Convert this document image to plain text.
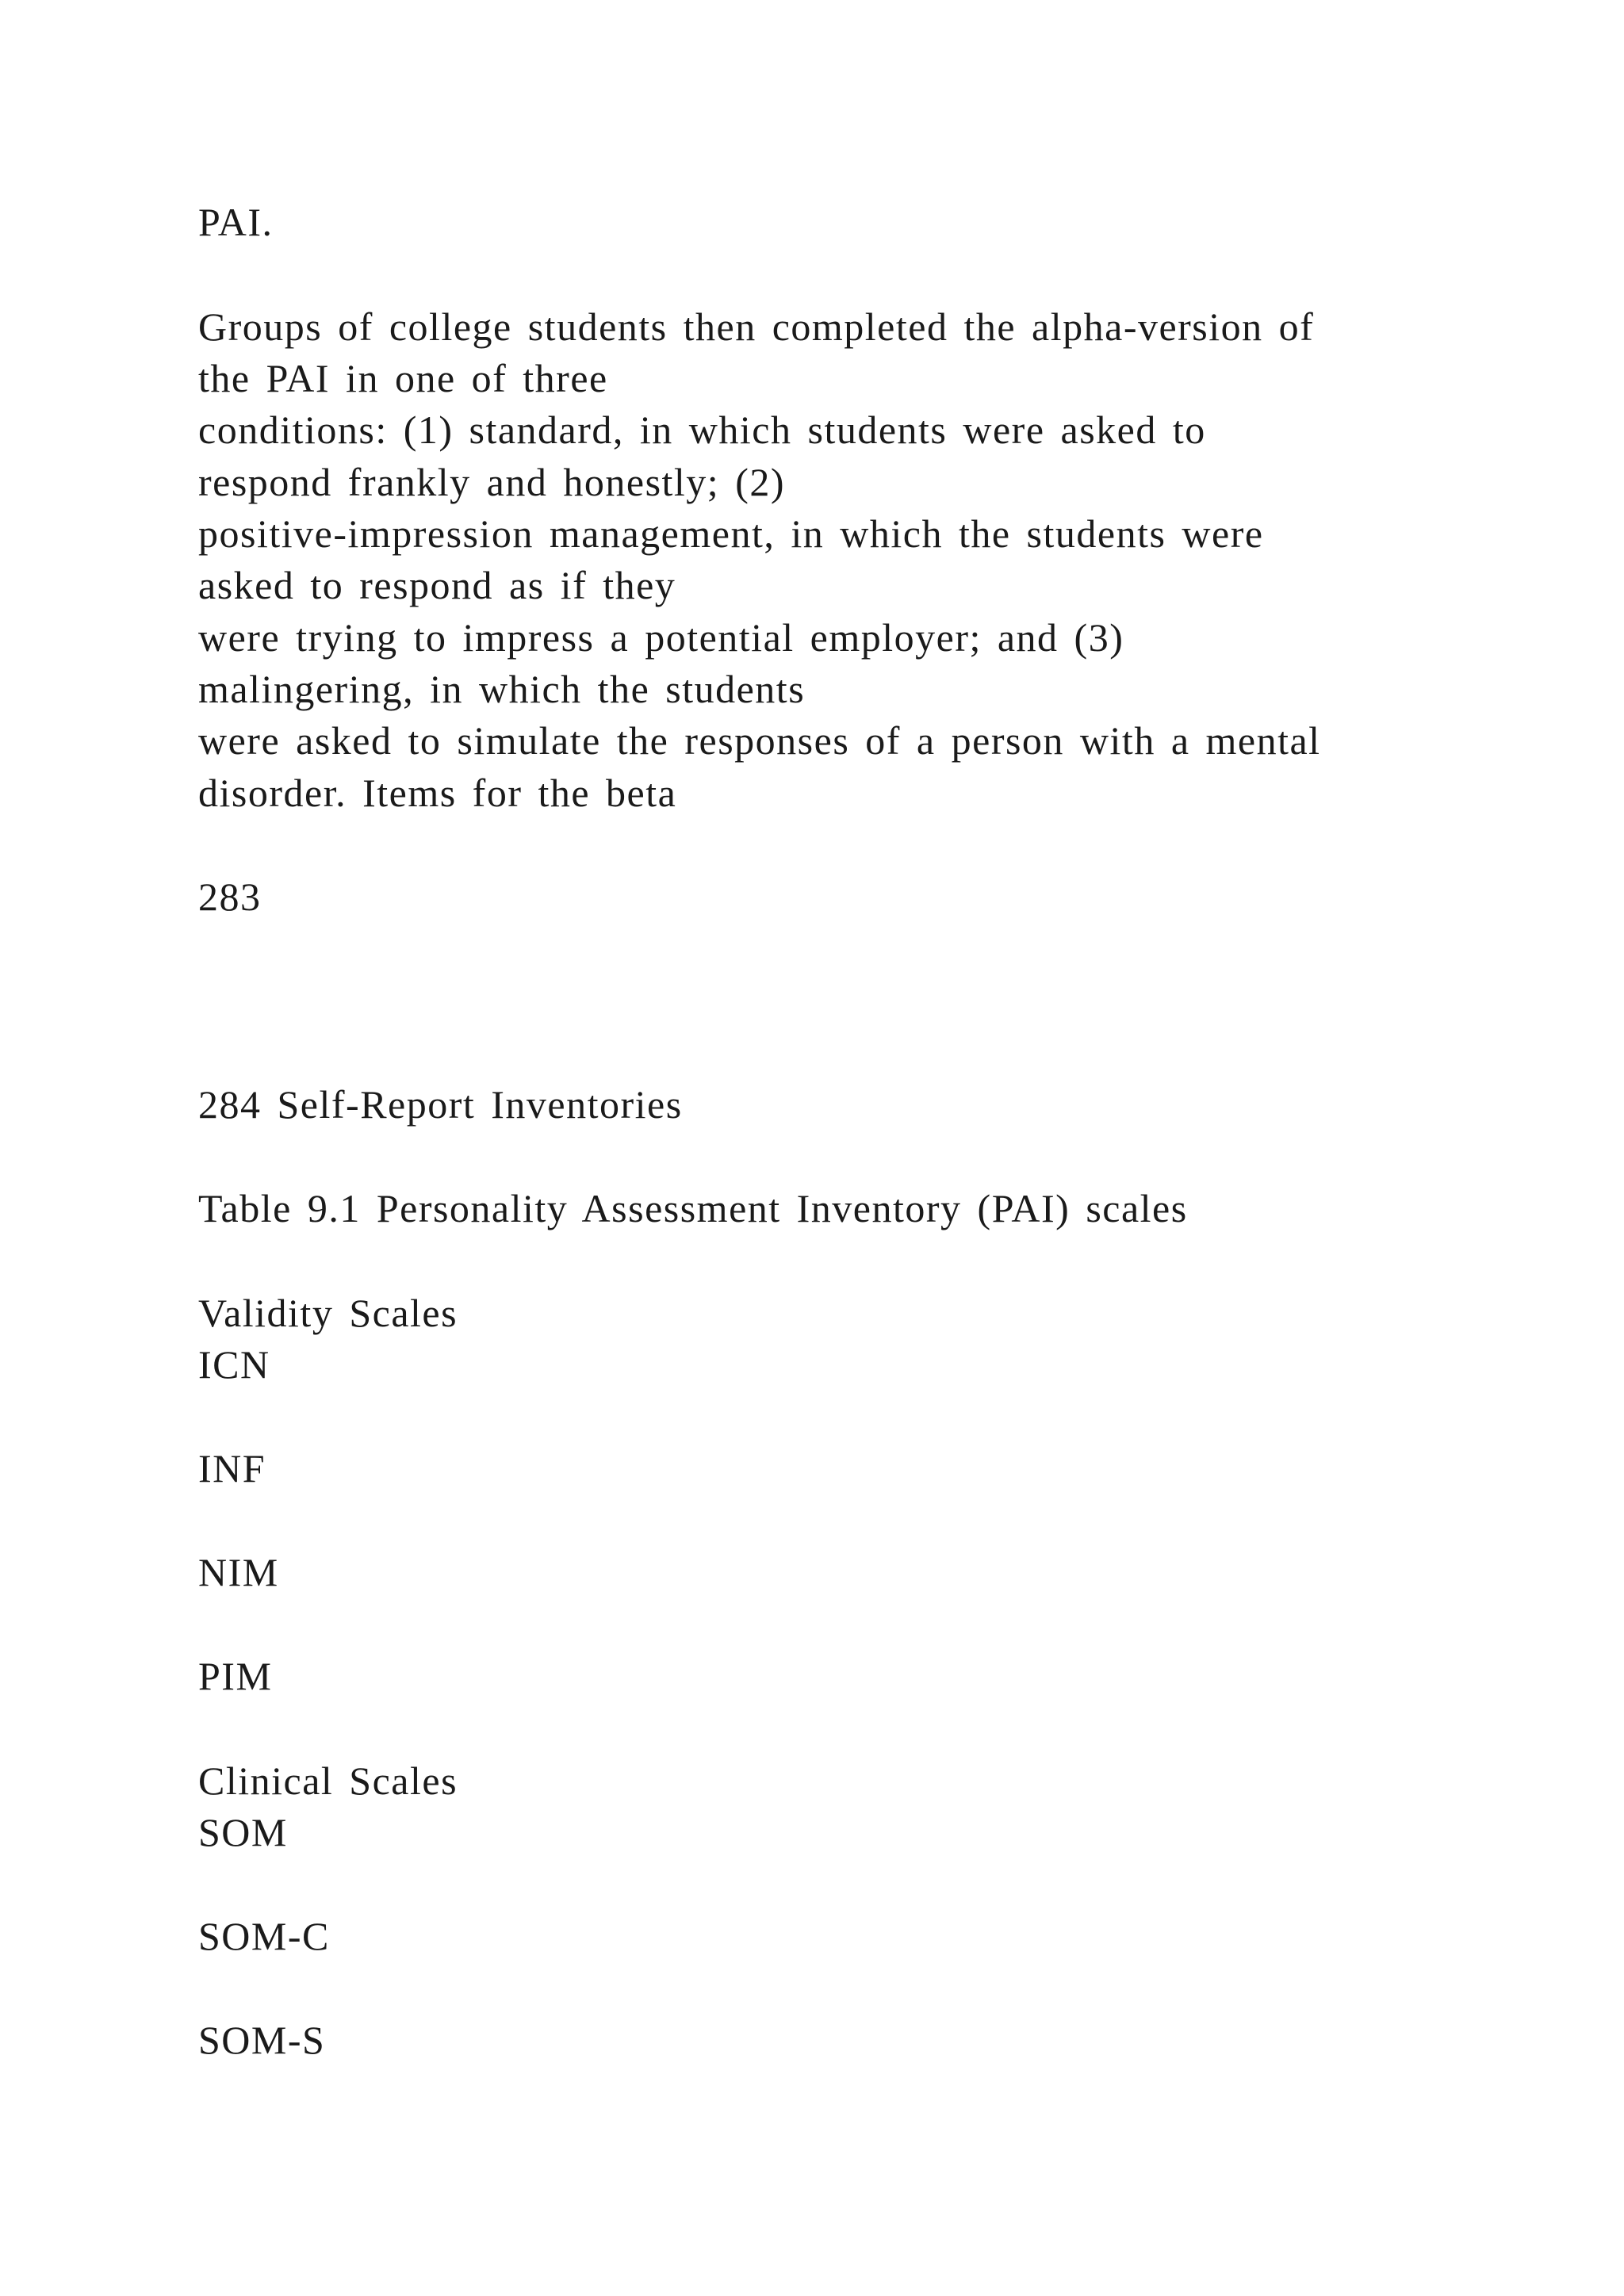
PAI.
Groups of college students then completed the alpha-version of
the PAI in one of three
conditions: (1) standard, in which students were asked to
respond frankly and honestly; (2)
positive-impression management, in which the students were
asked to respond as if they
were trying to impress a potential employer; and (3)
malingering, in which the students
were asked to simulate the responses of a person with a mental
disorder. Items for the beta
283
284 Self-Report Inventories
Table 9.1 Personality Assessment Inventory (PAI) scales
Validity Scales
ICN
INF
NIM
PIM
Clinical Scales
SOM
SOM-C
SOM-S
